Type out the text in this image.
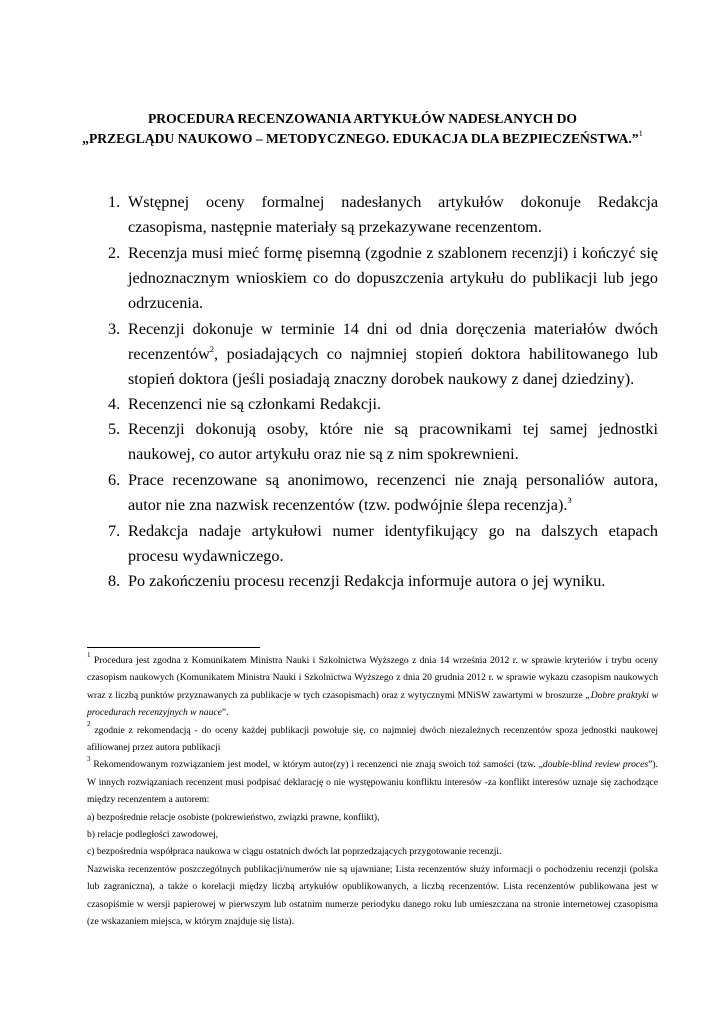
PROCEDURA RECENZOWANIA ARTYKUŁÓW NADESŁANYCH DO
„PRZEGLĄDU NAUKOWO – METODYCZNEGO. EDUKACJA DLA BEZPIECZEŃSTWA.”$^1$
1. Wstępnej oceny formalnej nadesłanych artykułów dokonuje Redakcja czasopisma, następnie materiały są przekazywane recenzentom.
2. Recenzja musi mieć formę pisemną (zgodnie z szablonem recenzji) i kończyć się jednoznacznym wnioskiem co do dopuszczenia artykułu do publikacji lub jego odrzucenia.
3. Recenzji dokonuje w terminie 14 dni od dnia doręczenia materiałów dwóch recenzentów$^2$, posiadających co najmniej stopień doktora habilitowanego lub stopień doktora (jeśli posiadają znaczny dorobek naukowy z danej dziedziny).
4. Recenzenci nie są członkami Redakcji.
5. Recenzji dokonują osoby, które nie są pracownikami tej samej jednostki naukowej, co autor artykułu oraz nie są z nim spokrewnieni.
6. Prace recenzowane są anonimowo, recenzenci nie znają personaliów autora, autor nie zna nazwisk recenzentów (tzw. podwójnie ślepa recenzja).$^3$
7. Redakcja nadaje artykułowi numer identyfikujący go na dalszych etapach procesu wydawniczego.
8. Po zakończeniu procesu recenzji Redakcja informuje autora o jej wyniku.
$^1$ Procedura jest zgodna z Komunikatem Ministra Nauki i Szkolnictwa Wyższego z dnia 14 września 2012 r. w sprawie kryteriów i trybu oceny czasopism naukowych (Komunikatem Ministra Nauki i Szkolnictwa Wyższego z dnia 20 grudnia 2012 r. w sprawie wykazu czasopism naukowych wraz z liczbą punktów przyznawanych za publikacje w tych czasopismach) oraz z wytycznymi MNiSW zawartymi w broszurze „Dobre praktyki w procedurach recenzyjnych w nauce”.
$^2$ zgodnie z rekomendacją - do oceny każdej publikacji powołuje się, co najmniej dwóch niezależnych recenzentów spoza jednostki naukowej afiliowanej przez autora publikacji
$^3$ Rekomendowanym rozwiązaniem jest model, w którym autor(zy) i recenzenci nie znają swoich toż samości (tzw. „double-blind review proces”). W innych rozwiązaniach recenzent musi podpisać deklarację o nie występowaniu konfliktu interesów -za konflikt interesów uznaje się zachodzące między recenzentem a autorem:
a) bezpośrednie relacje osobiste (pokrewieństwo, związki prawne, konflikt),
b) relacje podległości zawodowej,
c) bezpośrednia współpraca naukowa w ciągu ostatnich dwóch lat poprzedzających przygotowanie recenzji.
Nazwiska recenzentów poszczególnych publikacji/numerów nie są ujawniane; Lista recenzentów służy informacji o pochodzeniu recenzji (polska lub zagraniczna), a także o korelacji między liczbą artykułów opublikowanych, a liczbą recenzentów. Lista recenzentów publikowana jest w czasopiśmie w wersji papierowej w pierwszym lub ostatnim numerze periodyku danego roku lub umieszczana na stronie internetowej czasopisma (ze wskazaniem miejsca, w którym znajduje się lista).
